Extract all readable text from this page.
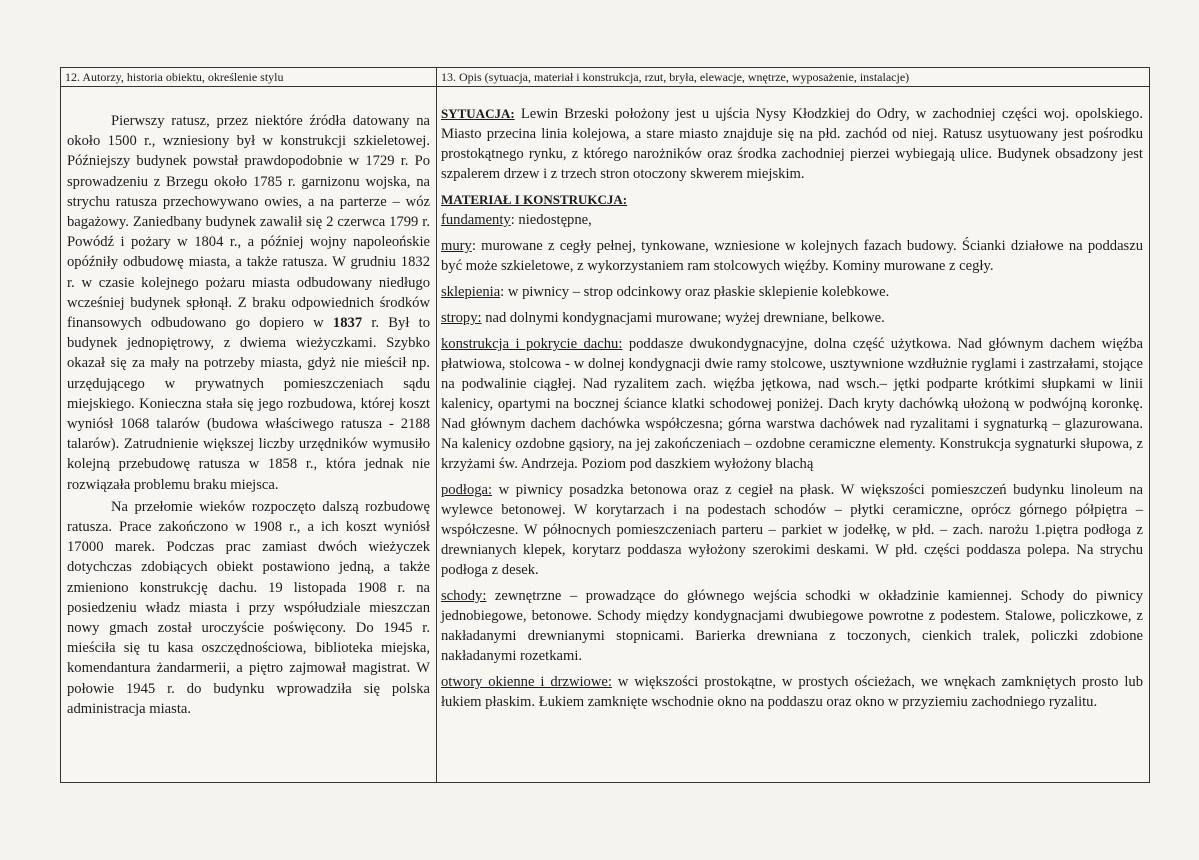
12. Autorzy, historia obiektu, określenie stylu

Pierwszy ratusz, przez niektóre źródła datowany na około 1500 r., wzniesiony był w konstrukcji szkieletowej. Późniejszy budynek powstał prawdopodobnie w 1729 r. Po sprowadzeniu z Brzegu około 1785 r. garnizonu wojska, na strychu ratusza przechowywano owies, a na parterze – wóz bagażowy. Zaniedbany budynek zawalił się 2 czerwca 1799 r. Powódź i pożary w 1804 r., a później wojny napoleońskie opóźniły odbudowę miasta, a także ratusza. W grudniu 1832 r. w czasie kolejnego pożaru miasta odbudowany niedługo wcześniej budynek spłonął. Z braku odpowiednich środków finansowych odbudowano go dopiero w 1837 r. Był to budynek jednopiętrowy, z dwiema wieżyczkami. Szybko okazał się za mały na potrzeby miasta, gdyż nie mieścił np. urzędującego w prywatnych pomieszczeniach sądu miejskiego. Konieczna stała się jego rozbudowa, której koszt wyniósł 1068 talarów (budowa właściwego ratusza - 2188 talarów). Zatrudnienie większej liczby urzędników wymusiło kolejną przebudowę ratusza w 1858 r., która jednak nie rozwiązała problemu braku miejsca.

Na przełomie wieków rozpoczęto dalszą rozbudowę ratusza. Prace zakończono w 1908 r., a ich koszt wyniósł 17000 marek. Podczas prac zamiast dwóch wieżyczek dotychczas zdobiących obiekt postawiono jedną, a także zmieniono konstrukcję dachu. 19 listopada 1908 r. na posiedzeniu władz miasta i przy współudziale mieszczan nowy gmach został uroczyście poświęcony. Do 1945 r. mieściła się tu kasa oszczędnościowa, biblioteka miejska, komendantura żandarmerii, a piętro zajmował magistrat. W połowie 1945 r. do budynku wprowadziła się polska administracja miasta.

13. Opis (sytuacja, materiał i konstrukcja, rzut, bryła, elewacje, wnętrze, wyposażenie, instalacje)

SYTUACJA: Lewin Brzeski położony jest u ujścia Nysy Kłodzkiej do Odry, w zachodniej części woj. opolskiego. Miasto przecina linia kolejowa, a stare miasto znajduje się na płd. zachód od niej. Ratusz usytuowany jest pośrodku prostokątnego rynku, z którego narożników oraz środka zachodniej pierzei wybiegają ulice. Budynek obsadzony jest szpalerem drzew i z trzech stron otoczony skwerem miejskim.

MATERIAŁ I KONSTRUKCJA:

fundamenty: niedostępne,

mury: murowane z cegły pełnej, tynkowane, wzniesione w kolejnych fazach budowy. Ścianki działowe na poddaszu być może szkieletowe, z wykorzystaniem ram stolcowych więźby. Kominy murowane z cegły.

sklepienia: w piwnicy – strop odcinkowy oraz płaskie sklepienie kolebkowe.

stropy: nad dolnymi kondygnacjami murowane; wyżej drewniane, belkowe.

konstrukcja i pokrycie dachu: poddasze dwukondygnacyjne, dolna część użytkowa. Nad głównym dachem więźba płatwiowa, stolcowa - w dolnej kondygnacji dwie ramy stolcowe, usztywnione wzdłużnie ryglami i zastrzałami, stojące na podwalinie ciągłej. Nad ryzalitem zach. więźba jętkowa, nad wsch.– jętki podparte krótkimi słupkami w linii kalenicy, opartymi na bocznej ściance klatki schodowej poniżej. Dach kryty dachówką ułożoną w podwójną koronkę. Nad głównym dachem dachówka współczesna; górna warstwa dachówek nad ryzalitami i sygnaturką – glazurowana. Na kalenicy ozdobne gąsiory, na jej zakończeniach – ozdobne ceramiczne elementy. Konstrukcja sygnaturki słupowa, z krzyżami św. Andrzeja. Poziom pod daszkiem wyłożony blachą

podłoga: w piwnicy posadzka betonowa oraz z cegieł na płask. W większości pomieszczeń budynku linoleum na wylewce betonowej. W korytarzach i na podestach schodów – płytki ceramiczne, oprócz górnego półpiętra – współczesne. W północnych pomieszczeniach parteru – parkiet w jodełkę, w płd. – zach. narożu 1.piętra podłoga z drewnianych klepek, korytarz poddasza wyłożony szerokimi deskami. W płd. części poddasza polepa. Na strychu podłoga z desek.

schody: zewnętrzne – prowadzące do głównego wejścia schodki w okładzinie kamiennej. Schody do piwnicy jednobiegowe, betonowe. Schody między kondygnacjami dwubiegowe powrotne z podestem. Stalowe, policzkowe, z nakładanymi drewnianymi stopnicami. Barierka drewniana z toczonych, cienkich tralek, policzki zdobione nakładanymi rozetkami.

otwory okienne i drzwiowe: w większości prostokątne, w prostych ościeżach, we wnękach zamkniętych prosto lub łukiem płaskim. Łukiem zamknięte wschodnie okno na poddaszu oraz okno w przyziemiu zachodniego ryzalitu.
